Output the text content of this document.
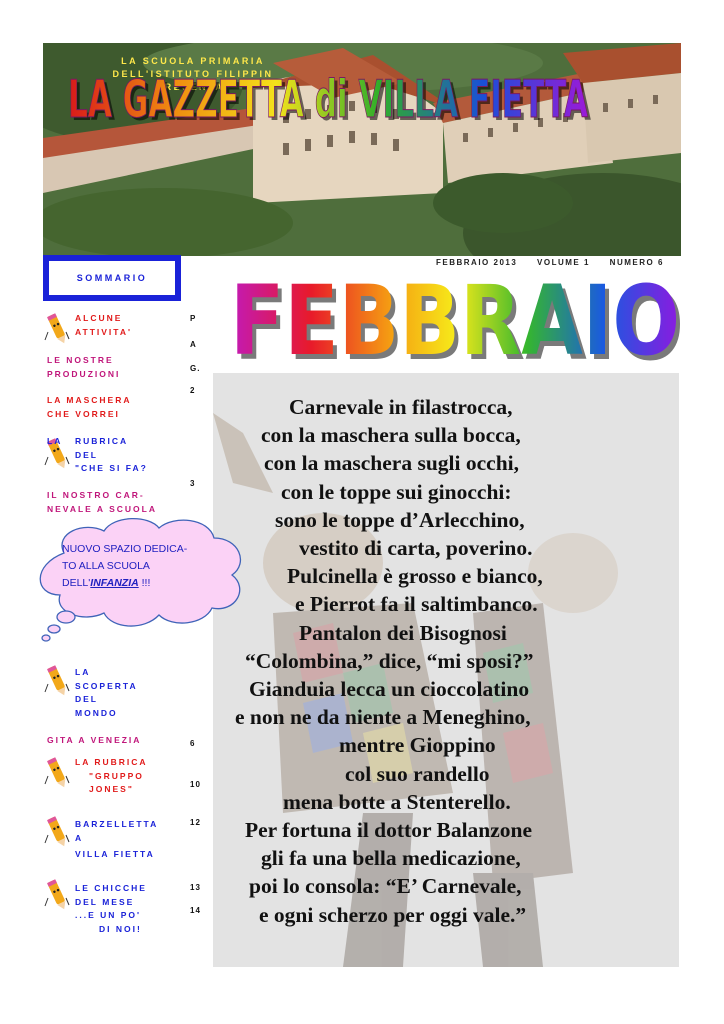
LA SCUOLA PRIMARIA
DELL'ISTITUTO FILIPPIN
PRESENTA:
LA GAZZETTA di VILLA FIETTA
LA GAZZETTA di VILLA FIETTA
FEBBRAIO 2013 VOLUME 1 NUMERO 6
SOMMARIO FEBBRAIO
FEBBRAIO
ALCUNE
ATTIVITA'
LE NOSTRE
PRODUZIONI
LA MASCHERA
CHE VORREI
LA RUBRICA
DEL
"CHE SI FA?
IL NOSTRO CAR-
NEVALE A SCUOLA
LA
SCOPERTA
DEL
MONDO
GITA A VENEZIA
LA RUBRICA
"GRUPPO
JONES"
BARZELLETTA
A
VILLA FIETTA
LE CHICCHE
DEL MESE
...E UN PO'
DI NOI!
P
A
G.
2
3
6
10
12
13
14
Carnevale in filastrocca,
con la maschera sulla bocca,
con la maschera sugli occhi,
con le toppe sui ginocchi:
sono le toppe d’Arlecchino,
vestito di carta, poverino.
Pulcinella è grosso e bianco,
e Pierrot fa il saltimbanco.
Pantalon dei Bisognosi
“Colombina,” dice, “mi sposi?”
Gianduia lecca un cioccolatino
e non ne da niente a Meneghino,
mentre Gioppino
col suo randello
mena botte a Stenterello.
Per fortuna il dottor Balanzone
gli fa una bella medicazione,
poi lo consola: “E’ Carnevale,
e ogni scherzo per oggi vale.”
NUOVO SPAZIO DEDICA-
TO ALLA SCUOLA
DELL'INFANZIA !!!
